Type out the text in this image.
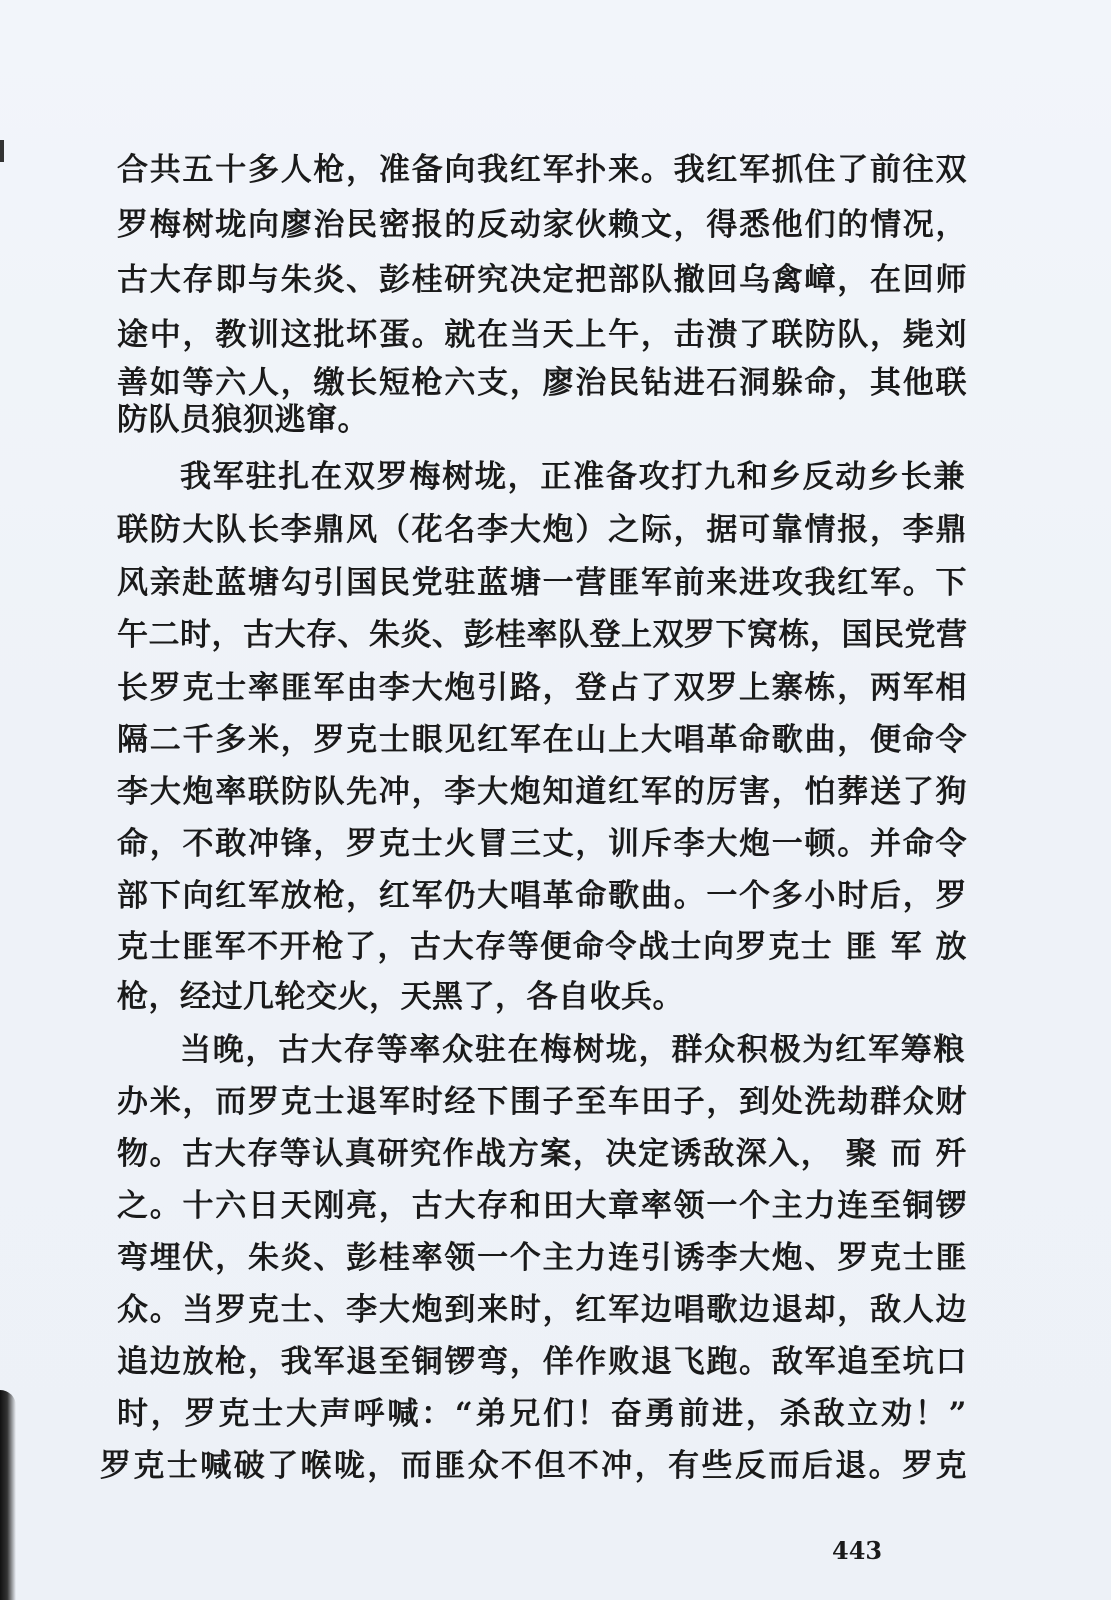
合共五十多人枪，准备向我红军扑来。我红军抓住了前往双
罗梅树垅向廖治民密报的反动家伙赖文，得悉他们的情况，
古大存即与朱炎、彭桂研究决定把部队撤回乌禽嶂，在回师
途中，教训这批坏蛋。就在当天上午，击溃了联防队，毙刘
善如等六人，缴长短枪六支，廖治民钻进石洞躲命，其他联
防队员狼狈逃窜。
我军驻扎在双罗梅树垅，正准备攻打九和乡反动乡长兼
联防大队长李鼎风（花名李大炮）之际，据可靠情报，李鼎
风亲赴蓝塘勾引国民党驻蓝塘一营匪军前来进攻我红军。下
午二时，古大存、朱炎、彭桂率队登上双罗下窝栋，国民党营
长罗克士率匪军由李大炮引路，登占了双罗上寨栋，两军相
隔二千多米，罗克士眼见红军在山上大唱革命歌曲，便命令
李大炮率联防队先冲，李大炮知道红军的厉害，怕葬送了狗
命，不敢冲锋，罗克士火冒三丈，训斥李大炮一顿。并命令
部下向红军放枪，红军仍大唱革命歌曲。一个多小时后，罗
克士匪军不开枪了，古大存等便命令战士向罗克士 匪 军 放
枪，经过几轮交火，天黑了，各自收兵。
当晚，古大存等率众驻在梅树垅，群众积极为红军筹粮
办米，而罗克士退军时经下围子至车田子，到处洗劫群众财
物。古大存等认真研究作战方案，决定诱敌深入， 聚 而 歼
之。十六日天刚亮，古大存和田大章率领一个主力连至铜锣
弯埋伏，朱炎、彭桂率领一个主力连引诱李大炮、罗克士匪
众。当罗克士、李大炮到来时，红军边唱歌边退却，敌人边
追边放枪，我军退至铜锣弯，佯作败退飞跑。敌军追至坑口
时，罗克士大声呼喊：“弟兄们！奋勇前进，杀敌立劝！”
罗克士喊破了喉咙，而匪众不但不冲，有些反而后退。罗克
443
